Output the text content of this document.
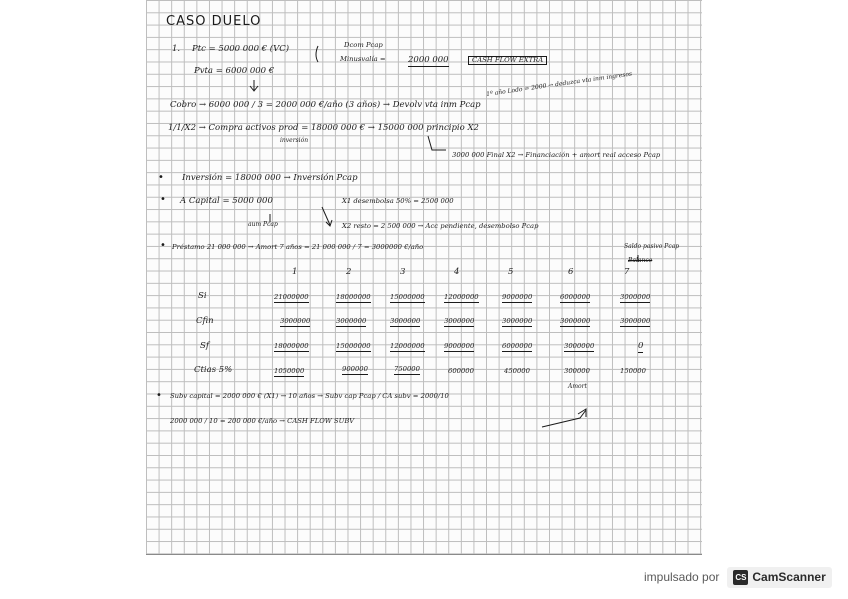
CASO DUELO
1. Ptc = 5000 000 € (VC)	Dcom Pcap
Minusvalía =	2000 000	CASH FLOW EXTRA
Pvta = 6000 000 €	1º año Lodo = 2000 → deduzca vta inm ingresos
Cobro → 6000 000 / 3 = 2000 000 €/año (3 años) → Devolv vta inm Pcap
1/1/X2 → Compra activos prod = 18000 000 € → 15000 000 principio X2
inversión
3000 000 Final X2 → Financiación + amort real acceso Pcap
• Inversión = 18000 000 → Inversión Pcap
• A Capital = 5000 000	X1 desembolsa 50% = 2500 000
aum Pcap	X2 resto = 2 500 000 → Acc pendiente, desembolso Pcap
• Préstamo 21 000 000 → Amort 7 años = 21 000 000 / 7 = 3000000 €/año	Saldo pasivo Pcap
Balance
1	2	3	4	5	6	7
Si	21000000	18000000	15000000	12000000	9000000	6000000	3000000
Cfin	3000000	3000000	3000000	3000000	3000000	3000000	3000000
Sf	18000000	15000000	12000000	9000000	6000000	3000000	0
Ctias 5%	1050000	900000	750000	600000	450000	300000	150000
• Subv capital = 2000 000 € (X1) → 10 años → Subv cap Pcap / CA subv = 2000/10
Amort
2000 000 / 10 = 200 000 €/año → CASH FLOW SUBV
impulsado por CS CamScanner
